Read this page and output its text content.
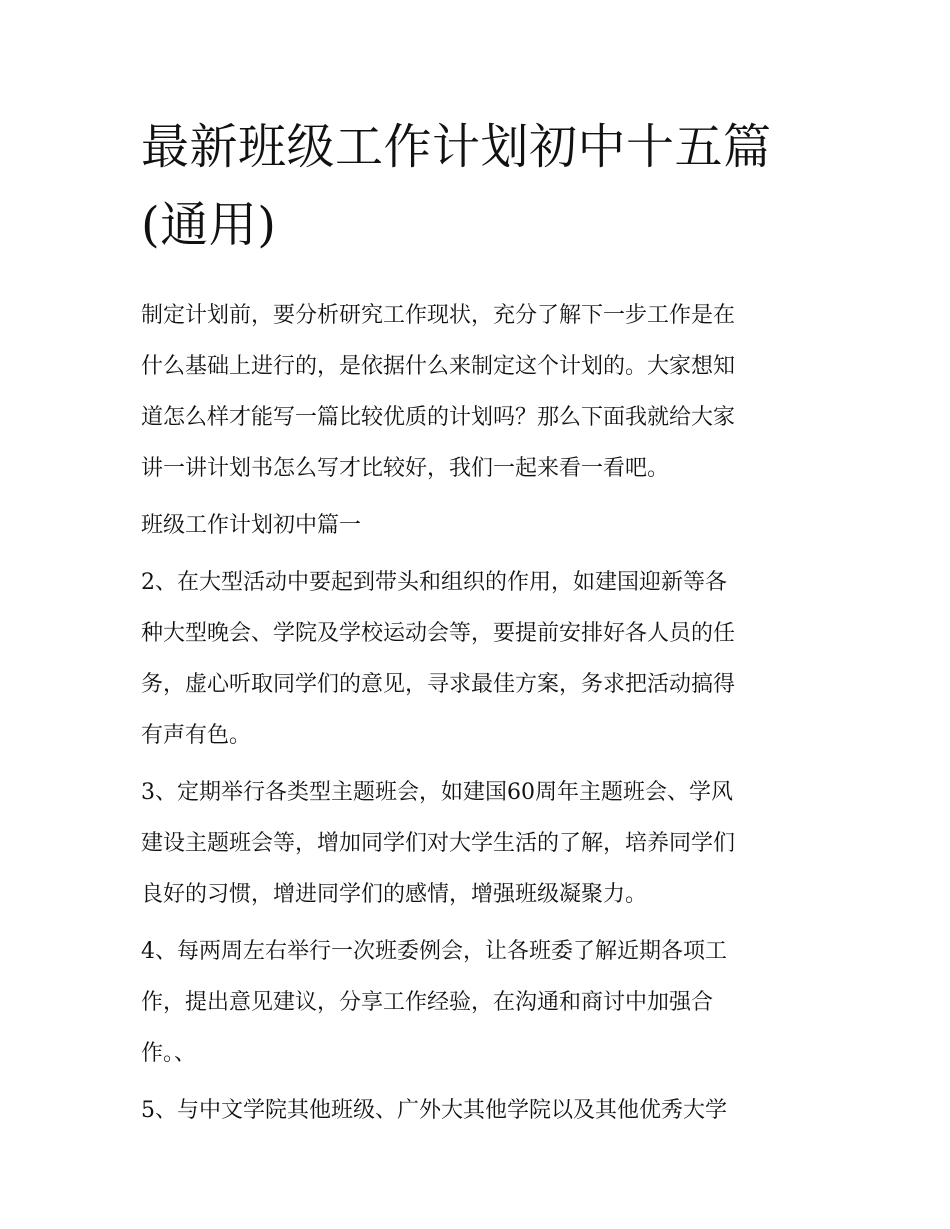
最新班级工作计划初中十五篇
(通用)

制定计划前，要分析研究工作现状，充分了解下一步工作是在
什么基础上进行的，是依据什么来制定这个计划的。大家想知
道怎么样才能写一篇比较优质的计划吗？那么下面我就给大家
讲一讲计划书怎么写才比较好，我们一起来看一看吧。

班级工作计划初中篇一

2、在大型活动中要起到带头和组织的作用，如建国迎新等各
种大型晚会、学院及学校运动会等，要提前安排好各人员的任
务，虚心听取同学们的意见，寻求最佳方案，务求把活动搞得
有声有色。

3、定期举行各类型主题班会，如建国60周年主题班会、学风
建设主题班会等，增加同学们对大学生活的了解，培养同学们
良好的习惯，增进同学们的感情，增强班级凝聚力。

4、每两周左右举行一次班委例会，让各班委了解近期各项工
作，提出意见建议，分享工作经验，在沟通和商讨中加强合
作。、

5、与中文学院其他班级、广外大其他学院以及其他优秀大学
